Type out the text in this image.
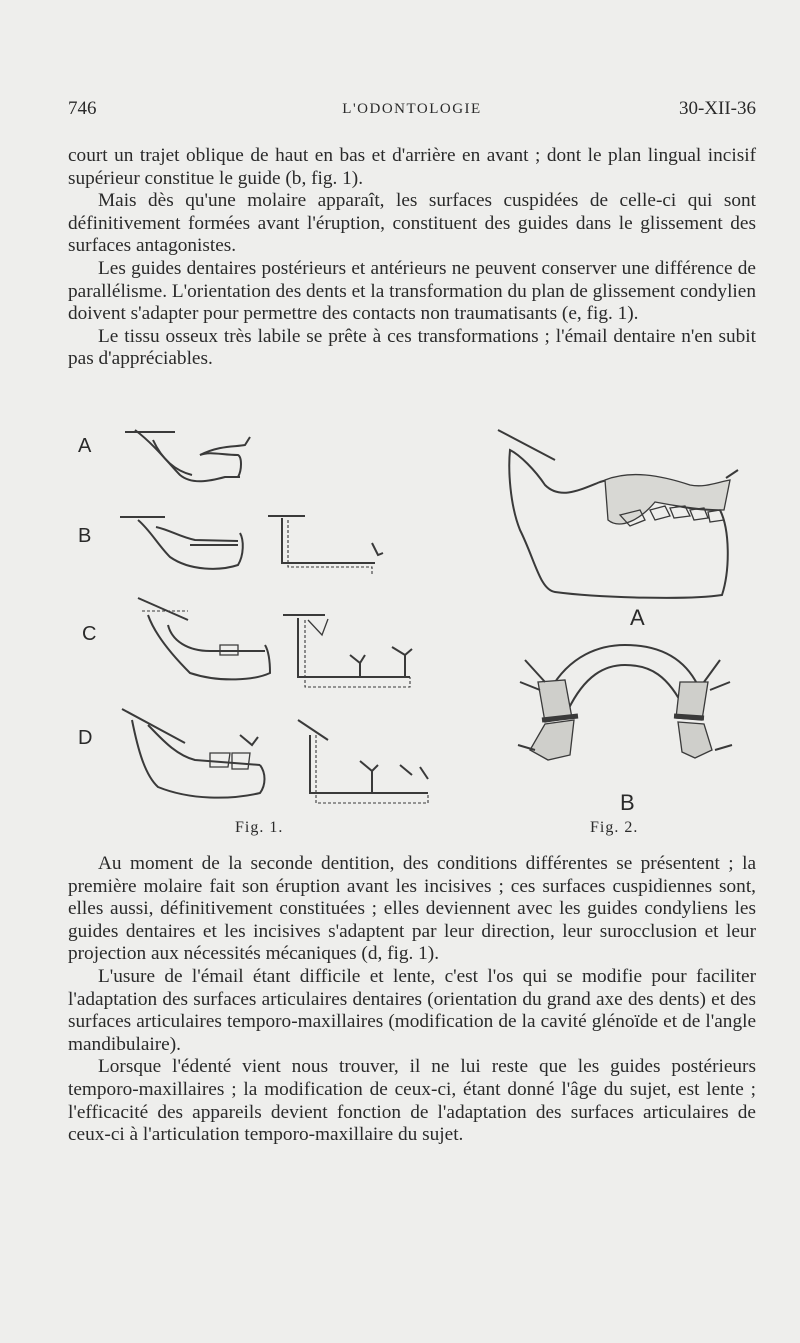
746	L'ODONTOLOGIE	30-XII-36

court un trajet oblique de haut en bas et d'arrière en avant ; dont le plan lingual incisif supérieur constitue le guide (b, fig. 1).

Mais dès qu'une molaire apparaît, les surfaces cuspidées de celle-ci qui sont définitivement formées avant l'éruption, constituent des guides dans le glissement des surfaces antagonistes.

Les guides dentaires postérieurs et antérieurs ne peuvent conserver une différence de parallélisme. L'orientation des dents et la transformation du plan de glissement condylien doivent s'adapter pour permettre des contacts non traumatisants (e, fig. 1).

Le tissu osseux très labile se prête à ces transformations ; l'émail dentaire n'en subit pas d'appréciables.

A
B
C
D
Fig. 1.
A
B
Fig. 2.

Au moment de la seconde dentition, des conditions différentes se présentent ; la première molaire fait son éruption avant les incisives ; ces surfaces cuspidiennes sont, elles aussi, définitivement constituées ; elles deviennent avec les guides condyliens les guides dentaires et les incisives s'adaptent par leur direction, leur surocclusion et leur projection aux nécessités mécaniques (d, fig. 1).

L'usure de l'émail étant difficile et lente, c'est l'os qui se modifie pour faciliter l'adaptation des surfaces articulaires dentaires (orientation du grand axe des dents) et des surfaces articulaires temporo-maxillaires (modification de la cavité glénoïde et de l'angle mandibulaire).

Lorsque l'édenté vient nous trouver, il ne lui reste que les guides postérieurs temporo-maxillaires ; la modification de ceux-ci, étant donné l'âge du sujet, est lente ; l'efficacité des appareils devient fonction de l'adaptation des surfaces articulaires de ceux-ci à l'articulation temporo-maxillaire du sujet.
